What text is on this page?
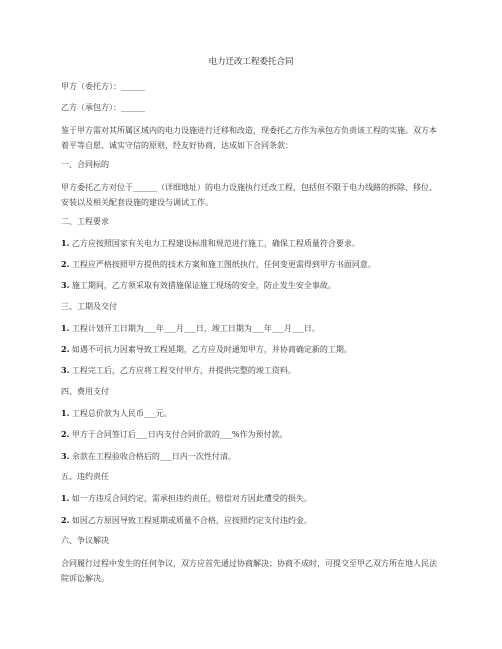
电力迁改工程委托合同
甲方（委托方）：______
乙方（承包方）：______
鉴于甲方需对其所属区域内的电力设施进行迁移和改造，现委托乙方作为承包方负责该工程的实施。双方本着平等自愿、诚实守信的原则，经友好协商，达成如下合同条款：
一、合同标的
甲方委托乙方对位于______（详细地址）的电力设施执行迁改工程，包括但不限于电力线路的拆除、移位、安装以及相关配套设施的建设与调试工作。
二、工程要求
1. 乙方应按照国家有关电力工程建设标准和规范进行施工，确保工程质量符合要求。
2. 工程应严格按照甲方提供的技术方案和施工图纸执行，任何变更需得到甲方书面同意。
3. 施工期间，乙方须采取有效措施保证施工现场的安全，防止发生安全事故。
三、工期及交付
1. 工程计划开工日期为___年___月___日，竣工日期为___年___月___日。
2. 如遇不可抗力因素导致工程延期，乙方应及时通知甲方，并协商确定新的工期。
3. 工程完工后，乙方应将工程交付甲方，并提供完整的竣工资料。
四、费用支付
1. 工程总价款为人民币___元。
2. 甲方于合同签订后___日内支付合同价款的___%作为预付款。
3. 余款在工程验收合格后的___日内一次性付清。
五、违约责任
1. 如一方违反合同约定，需承担违约责任，赔偿对方因此遭受的损失。
2. 如因乙方原因导致工程延期或质量不合格，应按照约定支付违约金。
六、争议解决
合同履行过程中发生的任何争议，双方应首先通过协商解决；协商不成时，可提交至甲乙双方所在地人民法院诉讼解决。
